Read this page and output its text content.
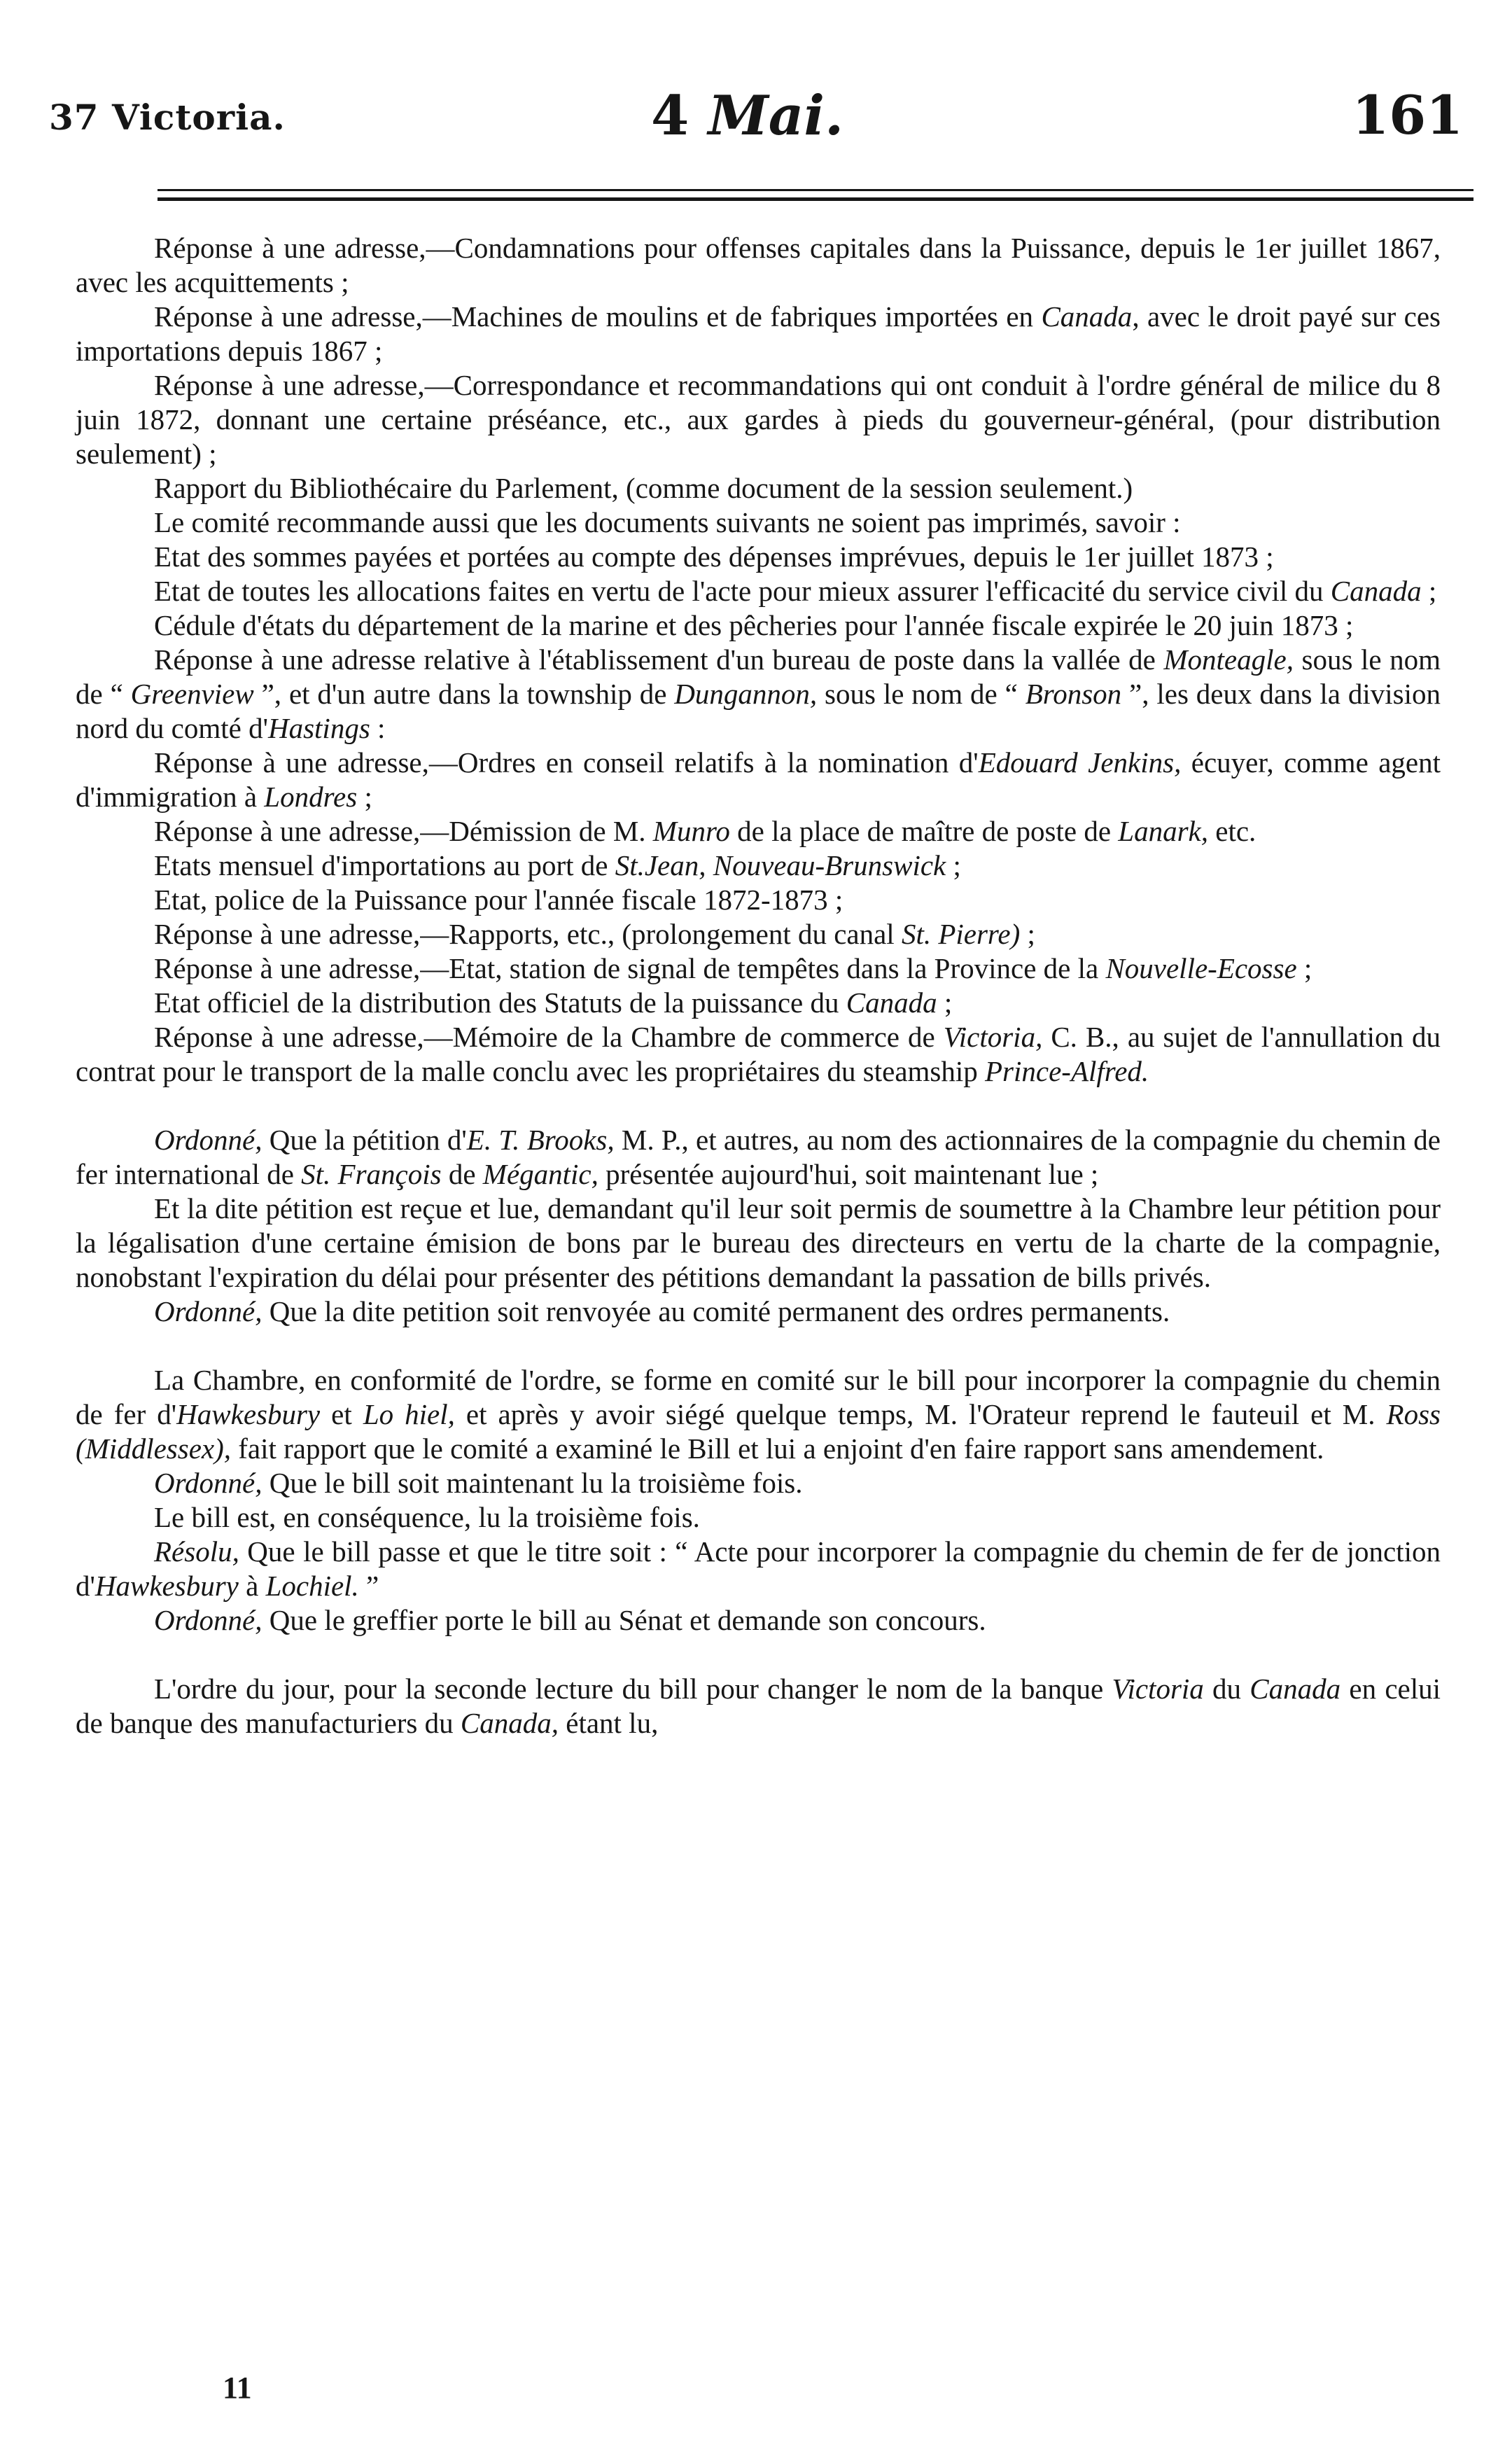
37 Victoria.	4 Mai.	161

Réponse à une adresse,—Condamnations pour offenses capitales dans la Puissance, depuis le 1er juillet 1867, avec les acquittements ;

Réponse à une adresse,—Machines de moulins et de fabriques importées en Canada, avec le droit payé sur ces importations depuis 1867 ;

Réponse à une adresse,—Correspondance et recommandations qui ont conduit à l'ordre général de milice du 8 juin 1872, donnant une certaine préséance, etc., aux gardes à pieds du gouverneur-général, (pour distribution seulement) ;

Rapport du Bibliothécaire du Parlement, (comme document de la session seulement.)

Le comité recommande aussi que les documents suivants ne soient pas imprimés, savoir :

Etat des sommes payées et portées au compte des dépenses imprévues, depuis le 1er juillet 1873 ;

Etat de toutes les allocations faites en vertu de l'acte pour mieux assurer l'efficacité du service civil du Canada ;

Cédule d'états du département de la marine et des pêcheries pour l'année fiscale expirée le 20 juin 1873 ;

Réponse à une adresse relative à l'établissement d'un bureau de poste dans la vallée de Monteagle, sous le nom de “ Greenview ”, et d'un autre dans la township de Dungannon, sous le nom de “ Bronson ”, les deux dans la division nord du comté d'Hastings :

Réponse à une adresse,—Ordres en conseil relatifs à la nomination d'Edouard Jenkins, écuyer, comme agent d'immigration à Londres ;

Réponse à une adresse,—Démission de M. Munro de la place de maître de poste de Lanark, etc.

Etats mensuel d'importations au port de St.Jean, Nouveau-Brunswick ;

Etat, police de la Puissance pour l'année fiscale 1872-1873 ;

Réponse à une adresse,—Rapports, etc., (prolongement du canal St. Pierre) ;

Réponse à une adresse,—Etat, station de signal de tempêtes dans la Province de la Nouvelle-Ecosse ;

Etat officiel de la distribution des Statuts de la puissance du Canada ;

Réponse à une adresse,—Mémoire de la Chambre de commerce de Victoria, C. B., au sujet de l'annullation du contrat pour le transport de la malle conclu avec les propriétaires du steamship Prince-Alfred.

Ordonné, Que la pétition d'E. T. Brooks, M. P., et autres, au nom des actionnaires de la compagnie du chemin de fer international de St. François de Mégantic, présentée aujourd'hui, soit maintenant lue ;

Et la dite pétition est reçue et lue, demandant qu'il leur soit permis de soumettre à la Chambre leur pétition pour la légalisation d'une certaine émision de bons par le bureau des directeurs en vertu de la charte de la compagnie, nonobstant l'expiration du délai pour présenter des pétitions demandant la passation de bills privés.

Ordonné, Que la dite petition soit renvoyée au comité permanent des ordres permanents.

La Chambre, en conformité de l'ordre, se forme en comité sur le bill pour incorporer la compagnie du chemin de fer d'Hawkesbury et Lo hiel, et après y avoir siégé quelque temps, M. l'Orateur reprend le fauteuil et M. Ross (Middlessex), fait rapport que le comité a examiné le Bill et lui a enjoint d'en faire rapport sans amendement.

Ordonné, Que le bill soit maintenant lu la troisième fois.

Le bill est, en conséquence, lu la troisième fois.

Résolu, Que le bill passe et que le titre soit : “ Acte pour incorporer la compagnie du chemin de fer de jonction d'Hawkesbury à Lochiel. ”

Ordonné, Que le greffier porte le bill au Sénat et demande son concours.

L'ordre du jour, pour la seconde lecture du bill pour changer le nom de la banque Victoria du Canada en celui de banque des manufacturiers du Canada, étant lu,

11
